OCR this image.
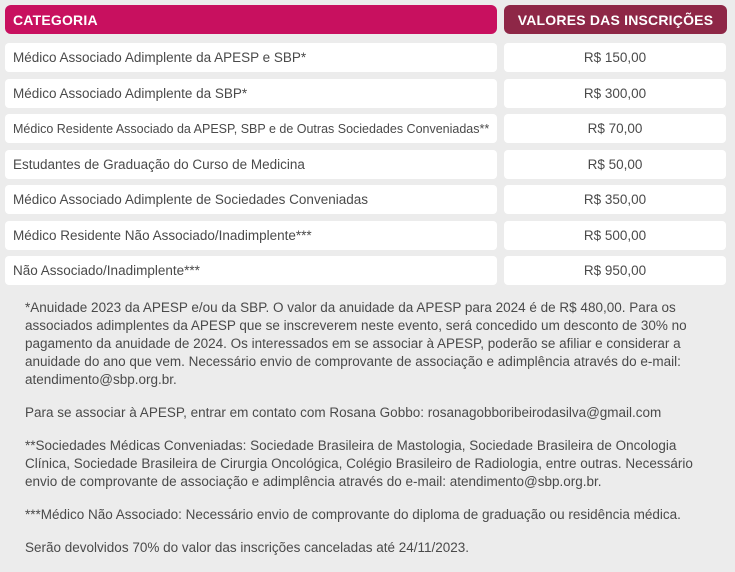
CATEGORIA	VALORES DAS INSCRIÇÕES
Médico Associado Adimplente da APESP e SBP*	R$ 150,00
Médico Associado Adimplente da SBP*	R$ 300,00
Médico Residente Associado da APESP, SBP e de Outras Sociedades Conveniadas**	R$ 70,00
Estudantes de Graduação do Curso de Medicina	R$ 50,00
Médico Associado Adimplente de Sociedades Conveniadas	R$ 350,00
Médico Residente Não Associado/Inadimplente***	R$ 500,00
Não Associado/Inadimplente***	R$ 950,00

*Anuidade 2023 da APESP e/ou da SBP. O valor da anuidade da APESP para 2024 é de R$ 480,00. Para os associados adimplentes da APESP que se inscreverem neste evento, será concedido um desconto de 30% no pagamento da anuidade de 2024. Os interessados em se associar à APESP, poderão se afiliar e considerar a anuidade do ano que vem. Necessário envio de comprovante de associação e adimplência através do e-mail: atendimento@sbp.org.br.

Para se associar à APESP, entrar em contato com Rosana Gobbo: rosanagobboribeirodasilva@gmail.com

**Sociedades Médicas Conveniadas: Sociedade Brasileira de Mastologia, Sociedade Brasileira de Oncologia Clínica, Sociedade Brasileira de Cirurgia Oncológica, Colégio Brasileiro de Radiologia, entre outras. Necessário envio de comprovante de associação e adimplência através do e-mail: atendimento@sbp.org.br.

***Médico Não Associado: Necessário envio de comprovante do diploma de graduação ou residência médica.

Serão devolvidos 70% do valor das inscrições canceladas até 24/11/2023.
